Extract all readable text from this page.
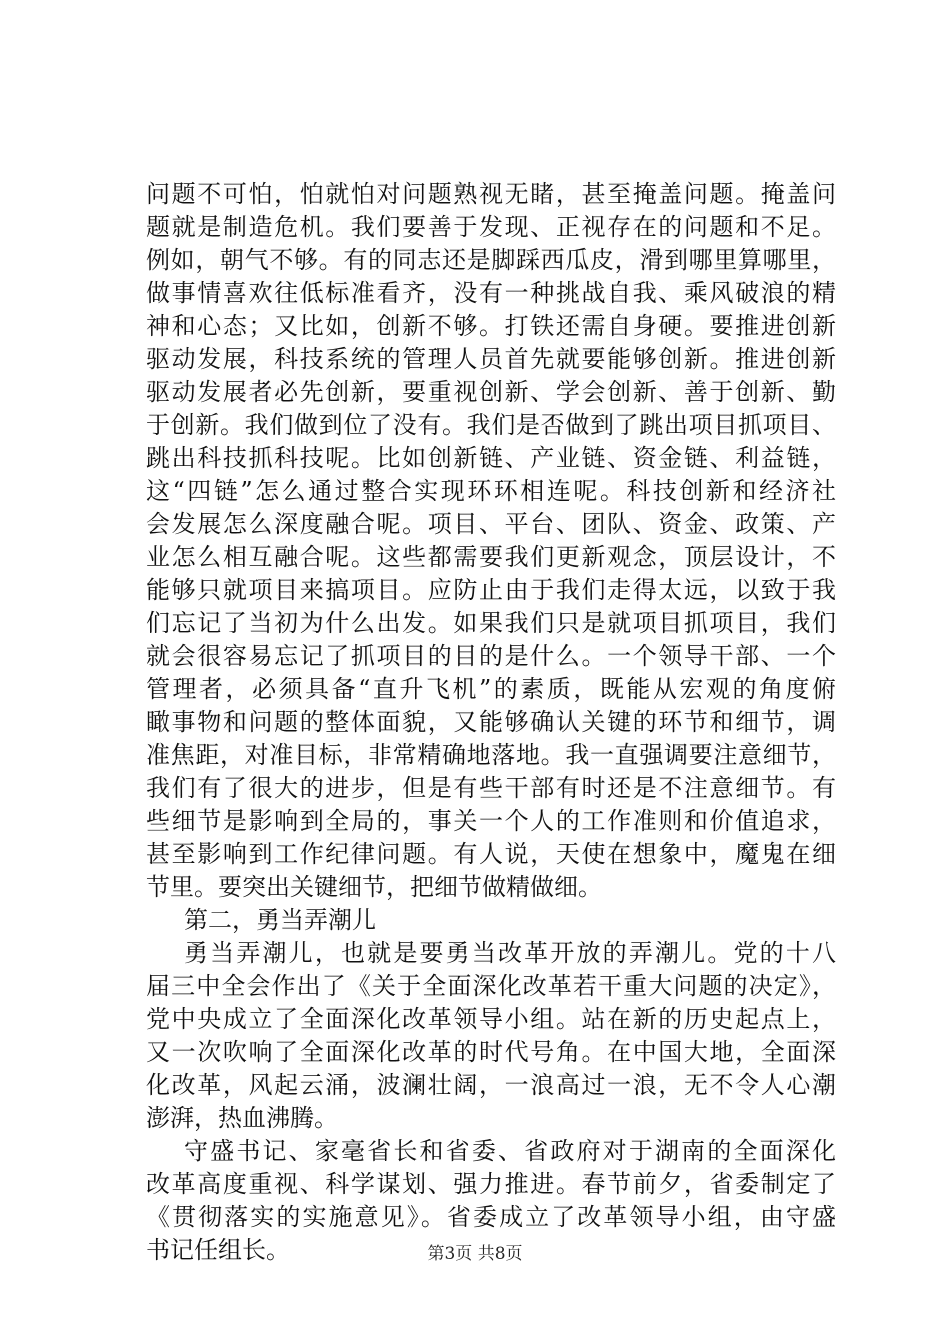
问题不可怕，怕就怕对问题熟视无睹，甚至掩盖问题。掩盖问
题就是制造危机。我们要善于发现、正视存在的问题和不足。
例如，朝气不够。有的同志还是脚踩西瓜皮，滑到哪里算哪里，
做事情喜欢往低标准看齐，没有一种挑战自我、乘风破浪的精
神和心态；又比如，创新不够。打铁还需自身硬。要推进创新
驱动发展，科技系统的管理人员首先就要能够创新。推进创新
驱动发展者必先创新，要重视创新、学会创新、善于创新、勤
于创新。我们做到位了没有。我们是否做到了跳出项目抓项目、
跳出科技抓科技呢。比如创新链、产业链、资金链、利益链，
这“四链”怎么通过整合实现环环相连呢。科技创新和经济社
会发展怎么深度融合呢。项目、平台、团队、资金、政策、产
业怎么相互融合呢。这些都需要我们更新观念，顶层设计，不
能够只就项目来搞项目。应防止由于我们走得太远，以致于我
们忘记了当初为什么出发。如果我们只是就项目抓项目，我们
就会很容易忘记了抓项目的目的是什么。一个领导干部、一个
管理者，必须具备“直升飞机”的素质，既能从宏观的角度俯
瞰事物和问题的整体面貌，又能够确认关键的环节和细节，调
准焦距，对准目标，非常精确地落地。我一直强调要注意细节，
我们有了很大的进步，但是有些干部有时还是不注意细节。有
些细节是影响到全局的，事关一个人的工作准则和价值追求，
甚至影响到工作纪律问题。有人说，天使在想象中，魔鬼在细
节里。要突出关键细节，把细节做精做细。
第二，勇当弄潮儿
勇当弄潮儿，也就是要勇当改革开放的弄潮儿。党的十八
届三中全会作出了《关于全面深化改革若干重大问题的决定》，
党中央成立了全面深化改革领导小组。站在新的历史起点上，
又一次吹响了全面深化改革的时代号角。在中国大地，全面深
化改革，风起云涌，波澜壮阔，一浪高过一浪，无不令人心潮
澎湃，热血沸腾。
守盛书记、家毫省长和省委、省政府对于湖南的全面深化
改革高度重视、科学谋划、强力推进。春节前夕，省委制定了
《贯彻落实的实施意见》。省委成立了改革领导小组，由守盛
书记任组长。	第3页 共8页
